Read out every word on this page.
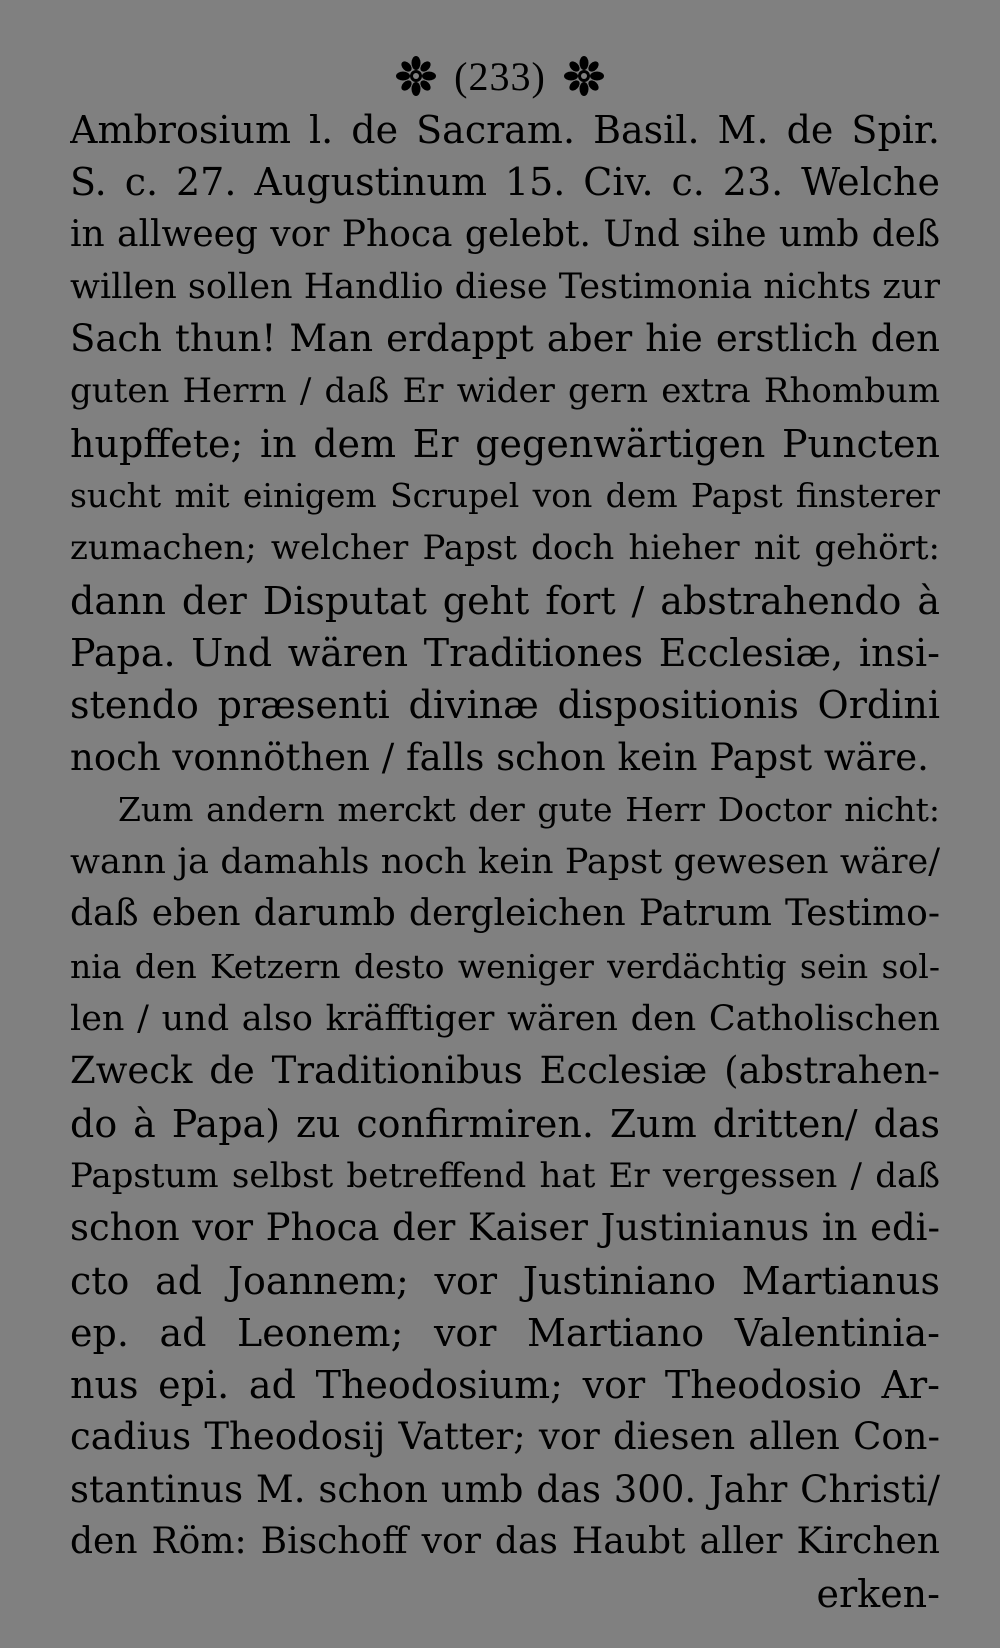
(233)
Ambrosium l. de Sacram. Basil. M. de Spir.
S. c. 27. Augustinum 15. Civ. c. 23. Welche
in allweeg vor Phoca gelebt. Und sihe umb deß
willen sollen Handlio diese Testimonia nichts zur
Sach thun! Man erdappt aber hie erstlich den
guten Herrn / daß Er wider gern extra Rhombum
hupffete; in dem Er gegenwärtigen Puncten
sucht mit einigem Scrupel von dem Papst finsterer
zumachen; welcher Papst doch hieher nit gehört:
dann der Disputat geht fort / abstrahendo à
Papa. Und wären Traditiones Ecclesiæ, insi-
stendo præsenti divinæ dispositionis Ordini
noch vonnöthen / falls schon kein Papst wäre.
Zum andern merckt der gute Herr Doctor nicht:
wann ja damahls noch kein Papst gewesen wäre/
daß eben darumb dergleichen Patrum Testimo-
nia den Ketzern desto weniger verdächtig sein sol-
len / und also kräfftiger wären den Catholischen
Zweck de Traditionibus Ecclesiæ (abstrahen-
do à Papa) zu confirmiren. Zum dritten/ das
Papstum selbst betreffend hat Er vergessen / daß
schon vor Phoca der Kaiser Justinianus in edi-
cto ad Joannem; vor Justiniano Martianus
ep. ad Leonem; vor Martiano Valentinia-
nus epi. ad Theodosium; vor Theodosio Ar-
cadius Theodosij Vatter; vor diesen allen Con-
stantinus M. schon umb das 300. Jahr Christi/
den Röm: Bischoff vor das Haubt aller Kirchen
erken-
